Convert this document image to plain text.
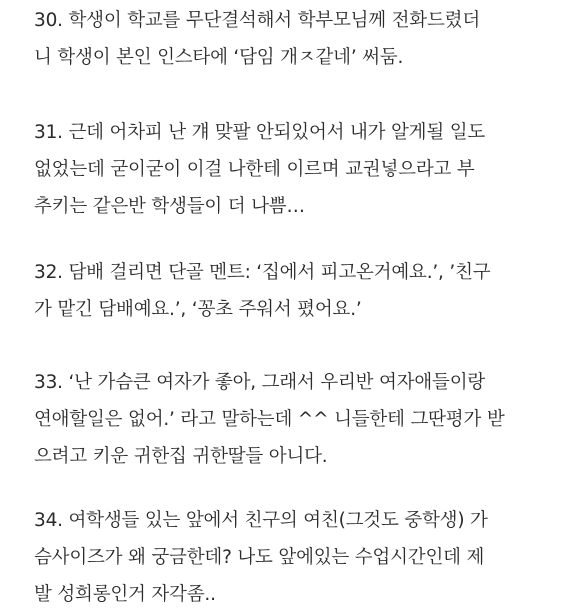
30. 학생이 학교를 무단결석해서 학부모님께 전화드렸더
니 학생이 본인 인스타에 ‘담임 개ㅈ같네’ 써둠.

31. 근데 어차피 난 걔 맞팔 안되있어서 내가 알게될 일도
없었는데 굳이굳이 이걸 나한테 이르며 교권넣으라고 부
추키는 같은반 학생들이 더 나쁨…

32. 담배 걸리면 단골 멘트: ‘집에서 피고온거예요.’, ’친구
가 맡긴 담배예요.’, ‘꽁초 주워서 폈어요.’

33. ‘난 가슴큰 여자가 좋아, 그래서 우리반 여자애들이랑
연애할일은 없어.’ 라고 말하는데 ^^ 니들한테 그딴평가 받
으려고 키운 귀한집 귀한딸들 아니다.

34. 여학생들 있는 앞에서 친구의 여친(그것도 중학생) 가
슴사이즈가 왜 궁금한데? 나도 앞에있는 수업시간인데 제
발 성희롱인거 자각좀..
